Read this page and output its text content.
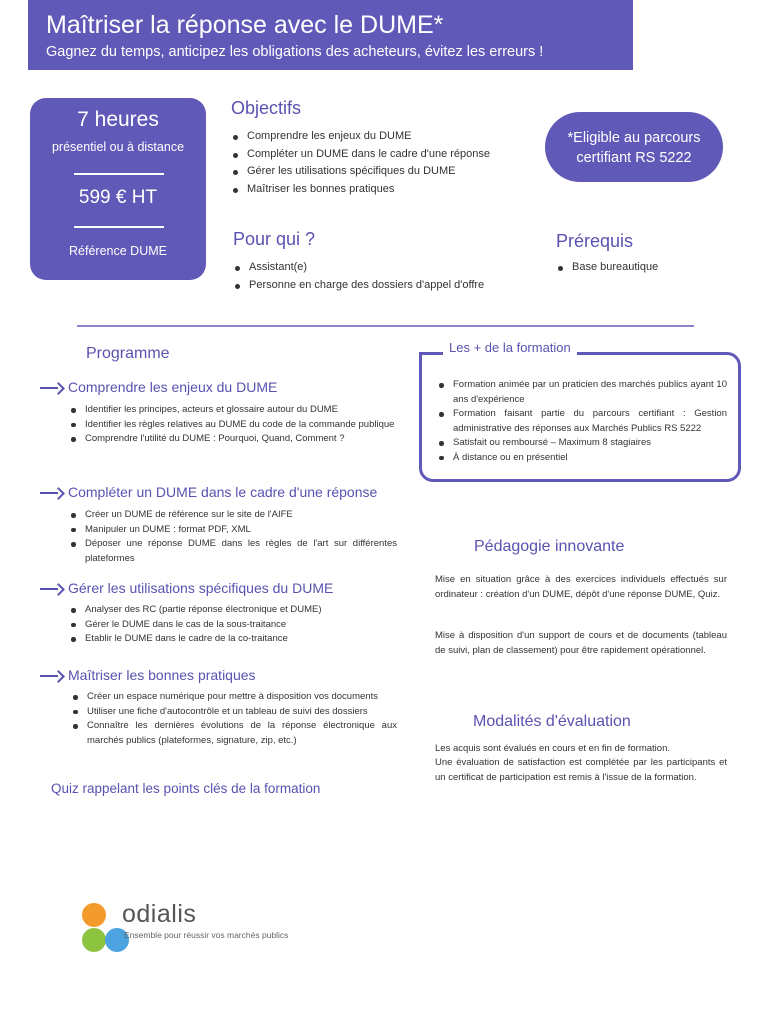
Maîtriser la réponse avec le DUME*
Gagnez du temps, anticipez les obligations des acheteurs, évitez les erreurs !
7 heures
présentiel ou à distance
599 € HT
Référence DUME
Objectifs
Comprendre les enjeux du DUME
Compléter un DUME dans le cadre d'une réponse
Gérer les utilisations spécifiques du DUME
Maîtriser les bonnes pratiques
*Eligible au parcours certifiant RS 5222
Pour qui ?
Assistant(e)
Personne en charge des dossiers d'appel d'offre
Prérequis
Base bureautique
Programme
Comprendre les enjeux du DUME
Identifier les principes, acteurs et glossaire autour du DUME
Identifier les règles relatives au DUME du code de la commande publique
Comprendre l'utilité du DUME : Pourquoi, Quand, Comment ?
Compléter un DUME dans le cadre d'une réponse
Créer un DUME de référence sur le site de l'AIFE
Manipuler un DUME : format PDF, XML
Déposer une réponse DUME dans les règles de l'art sur différentes plateformes
Gérer les utilisations spécifiques du DUME
Analyser des RC (partie réponse électronique et DUME)
Gérer le DUME dans le cas de la sous-traitance
Etablir le DUME dans le cadre de la co-traitance
Maîtriser les bonnes pratiques
Créer un espace numérique pour mettre à disposition vos documents
Utiliser une fiche d'autocontrôle et un tableau de suivi des dossiers
Connaître les dernières évolutions de la réponse électronique aux marchés publics (plateformes, signature, zip, etc.)
Les + de la formation
Formation animée par un praticien des marchés publics ayant 10 ans d'expérience
Formation faisant partie du parcours certifiant : Gestion administrative des réponses aux Marchés Publics RS 5222
Satisfait ou remboursé – Maximum 8 stagiaires
À distance ou en présentiel
Pédagogie innovante
Mise en situation grâce à des exercices individuels effectués sur ordinateur : création d'un DUME, dépôt d'une réponse DUME, Quiz.
Mise à disposition d'un support de cours et de documents (tableau de suivi, plan de classement) pour être rapidement opérationnel.
Modalités d'évaluation
Les acquis sont évalués en cours et en fin de formation.
Une évaluation de satisfaction est complétée par les participants et un certificat de participation est remis à l'issue de la formation.
Quiz rappelant les points clés de la formation
odialis
Ensemble pour réussir vos marchés publics
